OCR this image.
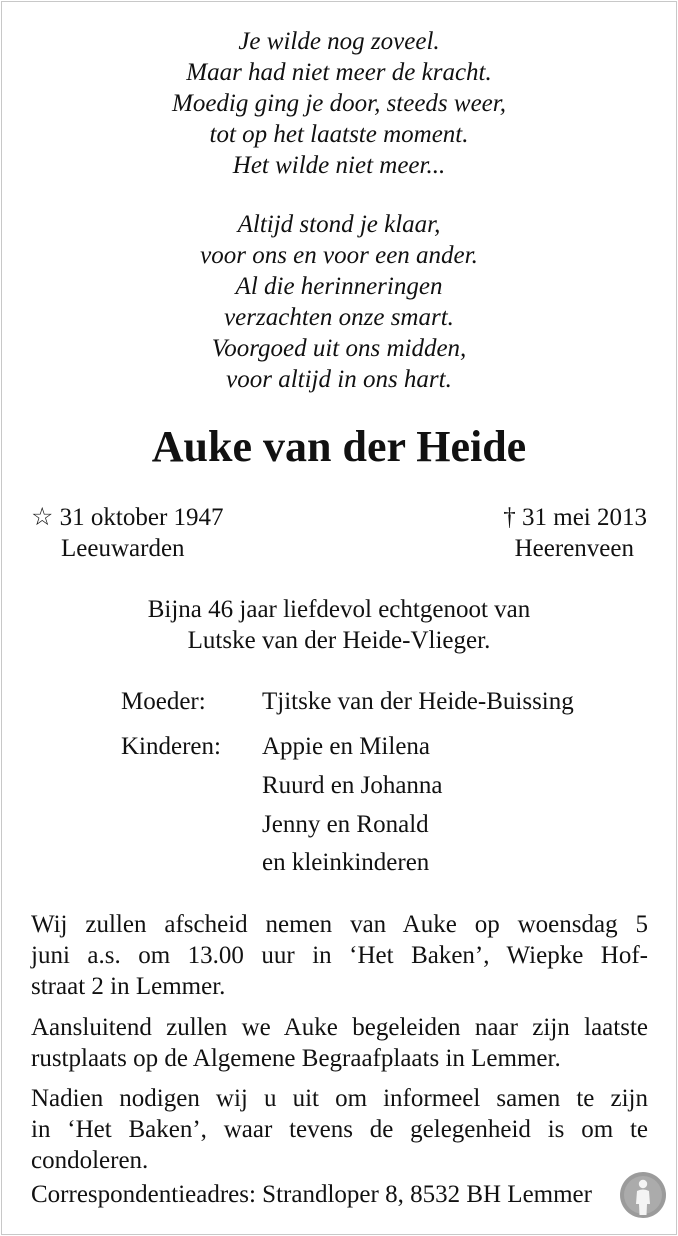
Je wilde nog zoveel.
Maar had niet meer de kracht.
Moedig ging je door, steeds weer,
tot op het laatste moment.
Het wilde niet meer...
Altijd stond je klaar,
voor ons en voor een ander.
Al die herinneringen
verzachten onze smart.
Voorgoed uit ons midden,
voor altijd in ons hart.
Auke van der Heide
☆ 31 oktober 1947
Leeuwarden
† 31 mei 2013
Heerenveen
Bijna 46 jaar liefdevol echtgenoot van
Lutske van der Heide-Vlieger.
Moeder: Tjitske van der Heide-Buissing
Kinderen: Appie en Milena
Ruurd en Johanna
Jenny en Ronald
en kleinkinderen
Wij zullen afscheid nemen van Auke op woensdag 5
juni a.s. om 13.00 uur in ‘Het Baken’, Wiepke Hof-
straat 2 in Lemmer.
Aansluitend zullen we Auke begeleiden naar zijn laatste
rustplaats op de Algemene Begraafplaats in Lemmer.
Nadien nodigen wij u uit om informeel samen te zijn
in ‘Het Baken’, waar tevens de gelegenheid is om te
condoleren.
Correspondentieadres: Strandloper 8, 8532 BH Lemmer
